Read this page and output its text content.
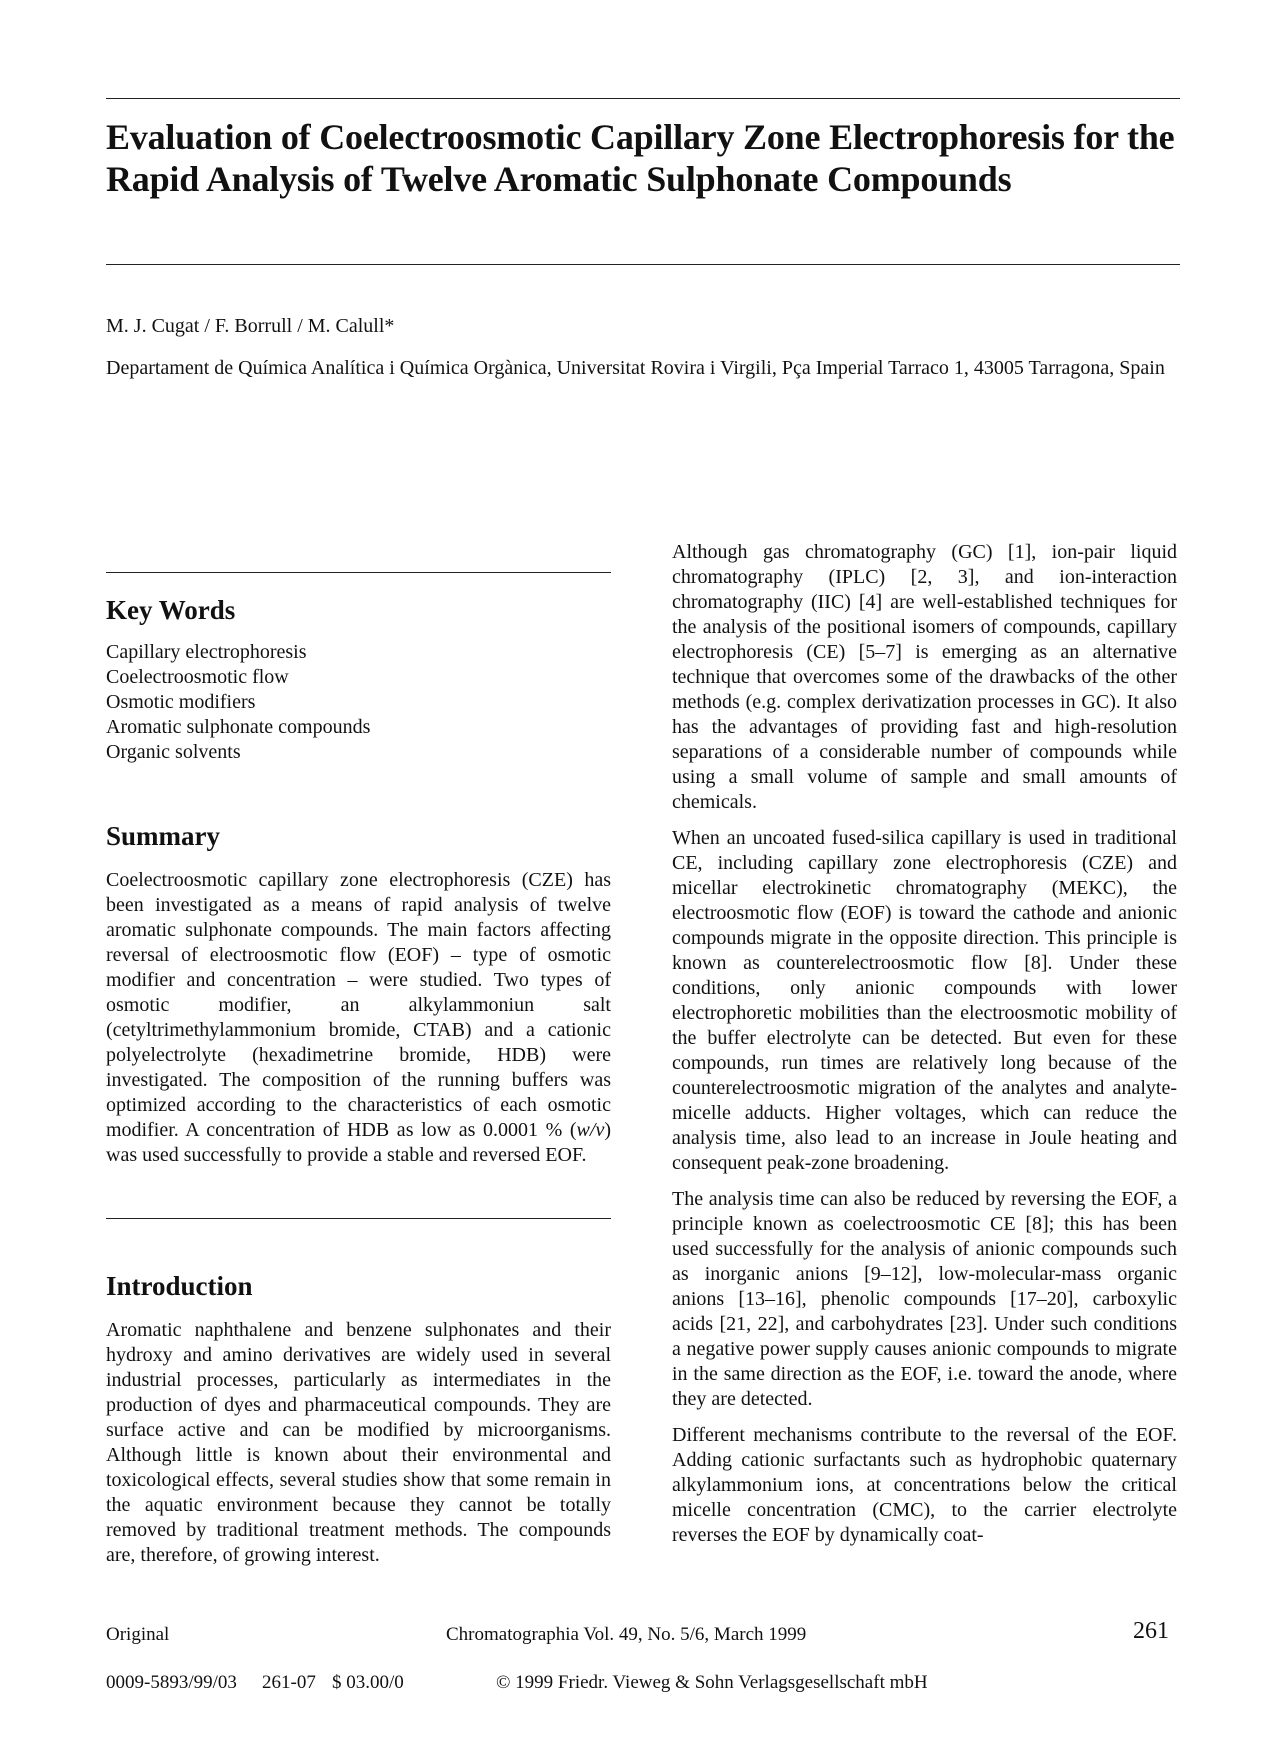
Evaluation of Coelectroosmotic Capillary Zone Electrophoresis for the Rapid Analysis of Twelve Aromatic Sulphonate Compounds
M. J. Cugat / F. Borrull / M. Calull*
Departament de Química Analítica i Química Orgànica, Universitat Rovira i Virgili, Pça Imperial Tarraco 1, 43005 Tarragona, Spain
Key Words
Capillary electrophoresis
Coelectroosmotic flow
Osmotic modifiers
Aromatic sulphonate compounds
Organic solvents
Summary

Coelectroosmotic capillary zone electrophoresis (CZE) has been investigated as a means of rapid analysis of twelve aromatic sulphonate compounds. The main factors affecting reversal of electroosmotic flow (EOF) – type of osmotic modifier and concentration – were studied. Two types of osmotic modifier, an alkylammoniun salt (cetyltrimethylammonium bromide, CTAB) and a cationic polyelectrolyte (hexadimetrine bromide, HDB) were investigated. The composition of the running buffers was optimized according to the characteristics of each osmotic modifier. A concentration of HDB as low as 0.0001 % (w/v) was used successfully to provide a stable and reversed EOF.

Introduction

Aromatic naphthalene and benzene sulphonates and their hydroxy and amino derivatives are widely used in several industrial processes, particularly as intermediates in the production of dyes and pharmaceutical compounds. They are surface active and can be modified by microorganisms. Although little is known about their environmental and toxicological effects, several studies show that some remain in the aquatic environment because they cannot be totally removed by traditional treatment methods. The compounds are, therefore, of growing interest.

Although gas chromatography (GC) [1], ion-pair liquid chromatography (IPLC) [2, 3], and ion-interaction chromatography (IIC) [4] are well-established techniques for the analysis of the positional isomers of compounds, capillary electrophoresis (CE) [5–7] is emerging as an alternative technique that overcomes some of the drawbacks of the other methods (e.g. complex derivatization processes in GC). It also has the advantages of providing fast and high-resolution separations of a considerable number of compounds while using a small volume of sample and small amounts of chemicals.

When an uncoated fused-silica capillary is used in traditional CE, including capillary zone electrophoresis (CZE) and micellar electrokinetic chromatography (MEKC), the electroosmotic flow (EOF) is toward the cathode and anionic compounds migrate in the opposite direction. This principle is known as counterelectroosmotic flow [8]. Under these conditions, only anionic compounds with lower electrophoretic mobilities than the electroosmotic mobility of the buffer electrolyte can be detected. But even for these compounds, run times are relatively long because of the counterelectroosmotic migration of the analytes and analyte-micelle adducts. Higher voltages, which can reduce the analysis time, also lead to an increase in Joule heating and consequent peak-zone broadening.

The analysis time can also be reduced by reversing the EOF, a principle known as coelectroosmotic CE [8]; this has been used successfully for the analysis of anionic compounds such as inorganic anions [9–12], low-molecular-mass organic anions [13–16], phenolic compounds [17–20], carboxylic acids [21, 22], and carbohydrates [23]. Under such conditions a negative power supply causes anionic compounds to migrate in the same direction as the EOF, i.e. toward the anode, where they are detected.

Different mechanisms contribute to the reversal of the EOF. Adding cationic surfactants such as hydrophobic quaternary alkylammonium ions, at concentrations below the critical micelle concentration (CMC), to the carrier electrolyte reverses the EOF by dynamically coat-

Original	Chromatographia Vol. 49, No. 5/6, March 1999	261
0009-5893/99/03 261-07 $ 03.00/0	© 1999 Friedr. Vieweg & Sohn Verlagsgesellschaft mbH
